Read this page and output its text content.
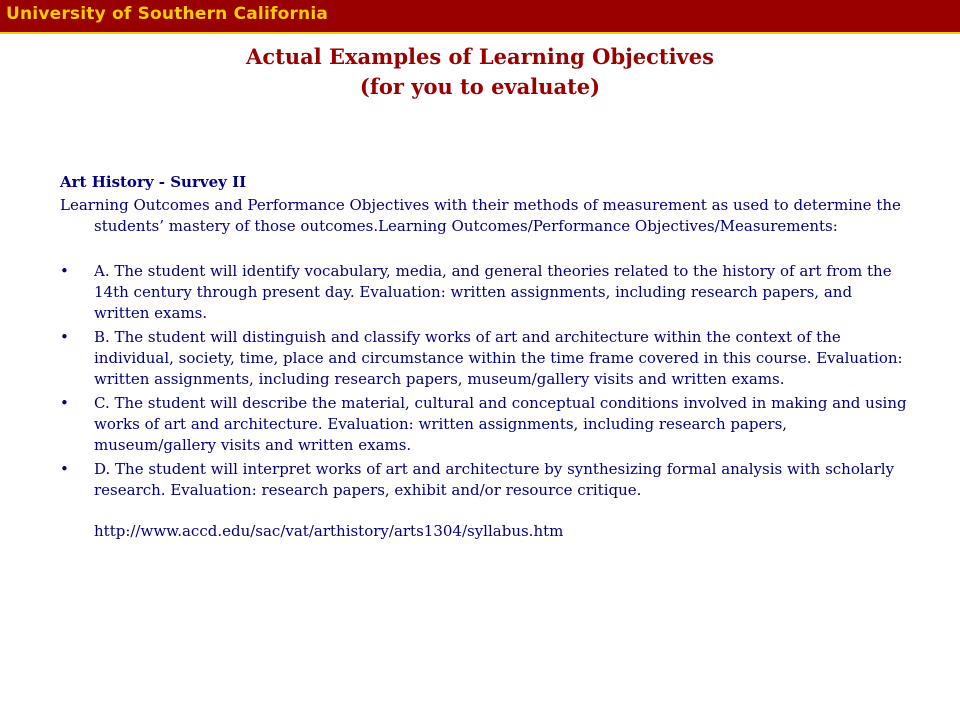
University of Southern California
Actual Examples of Learning Objectives
(for you to evaluate)
Art History - Survey II
Learning Outcomes and Performance Objectives with their methods of measurement as used to determine the students’ mastery of those outcomes.Learning Outcomes/Performance Objectives/Measurements:
• A. The student will identify vocabulary, media, and general theories related to the history of art from the 14th century through present day. Evaluation: written assignments, including research papers, and written exams.
• B. The student will distinguish and classify works of art and architecture within the context of the individual, society, time, place and circumstance within the time frame covered in this course. Evaluation: written assignments, including research papers, museum/gallery visits and written exams.
• C. The student will describe the material, cultural and conceptual conditions involved in making and using works of art and architecture. Evaluation: written assignments, including research papers, museum/gallery visits and written exams.
• D. The student will interpret works of art and architecture by synthesizing formal analysis with scholarly research. Evaluation: research papers, exhibit and/or resource critique.
http://www.accd.edu/sac/vat/arthistory/arts1304/syllabus.htm
